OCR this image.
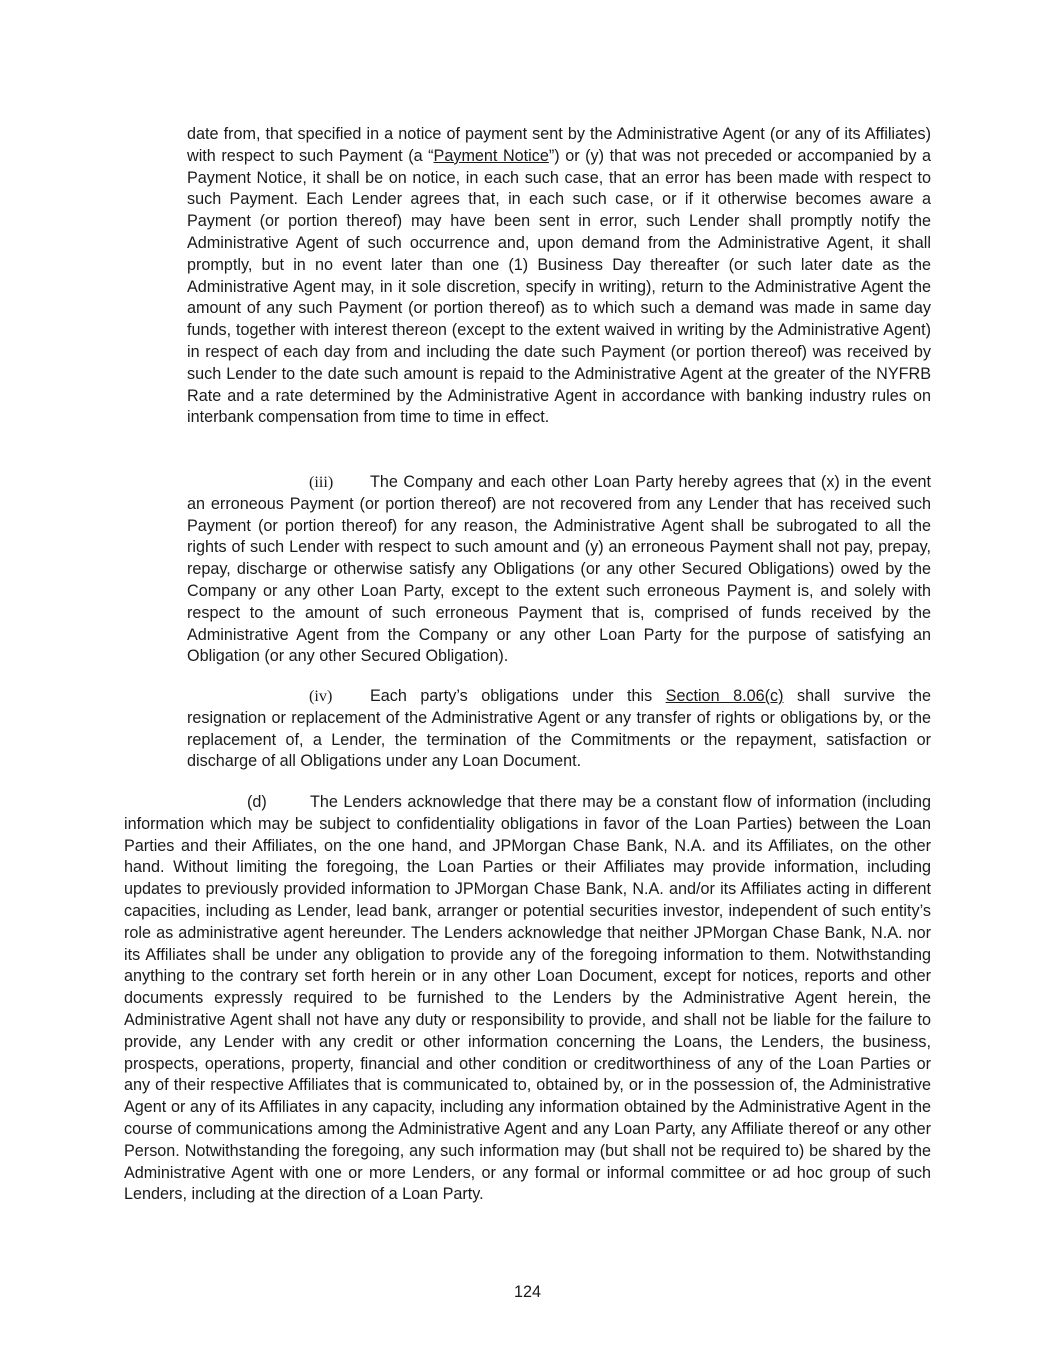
date from, that specified in a notice of payment sent by the Administrative Agent (or any of its Affiliates) with respect to such Payment (a “Payment Notice”) or (y) that was not preceded or accompanied by a Payment Notice, it shall be on notice, in each such case, that an error has been made with respect to such Payment. Each Lender agrees that, in each such case, or if it otherwise becomes aware a Payment (or portion thereof) may have been sent in error, such Lender shall promptly notify the Administrative Agent of such occurrence and, upon demand from the Administrative Agent, it shall promptly, but in no event later than one (1) Business Day thereafter (or such later date as the Administrative Agent may, in it sole discretion, specify in writing), return to the Administrative Agent the amount of any such Payment (or portion thereof) as to which such a demand was made in same day funds, together with interest thereon (except to the extent waived in writing by the Administrative Agent) in respect of each day from and including the date such Payment (or portion thereof) was received by such Lender to the date such amount is repaid to the Administrative Agent at the greater of the NYFRB Rate and a rate determined by the Administrative Agent in accordance with banking industry rules on interbank compensation from time to time in effect.

(iii) The Company and each other Loan Party hereby agrees that (x) in the event an erroneous Payment (or portion thereof) are not recovered from any Lender that has received such Payment (or portion thereof) for any reason, the Administrative Agent shall be subrogated to all the rights of such Lender with respect to such amount and (y) an erroneous Payment shall not pay, prepay, repay, discharge or otherwise satisfy any Obligations (or any other Secured Obligations) owed by the Company or any other Loan Party, except to the extent such erroneous Payment is, and solely with respect to the amount of such erroneous Payment that is, comprised of funds received by the Administrative Agent from the Company or any other Loan Party for the purpose of satisfying an Obligation (or any other Secured Obligation).

(iv) Each party’s obligations under this Section 8.06(c) shall survive the resignation or replacement of the Administrative Agent or any transfer of rights or obligations by, or the replacement of, a Lender, the termination of the Commitments or the repayment, satisfaction or discharge of all Obligations under any Loan Document.

(d)	The Lenders acknowledge that there may be a constant flow of information (including information which may be subject to confidentiality obligations in favor of the Loan Parties) between the Loan Parties and their Affiliates, on the one hand, and JPMorgan Chase Bank, N.A. and its Affiliates, on the other hand. Without limiting the foregoing, the Loan Parties or their Affiliates may provide information, including updates to previously provided information to JPMorgan Chase Bank, N.A. and/or its Affiliates acting in different capacities, including as Lender, lead bank, arranger or potential securities investor, independent of such entity’s role as administrative agent hereunder. The Lenders acknowledge that neither JPMorgan Chase Bank, N.A. nor its Affiliates shall be under any obligation to provide any of the foregoing information to them. Notwithstanding anything to the contrary set forth herein or in any other Loan Document, except for notices, reports and other documents expressly required to be furnished to the Lenders by the Administrative Agent herein, the Administrative Agent shall not have any duty or responsibility to provide, and shall not be liable for the failure to provide, any Lender with any credit or other information concerning the Loans, the Lenders, the business, prospects, operations, property, financial and other condition or creditworthiness of any of the Loan Parties or any of their respective Affiliates that is communicated to, obtained by, or in the possession of, the Administrative Agent or any of its Affiliates in any capacity, including any information obtained by the Administrative Agent in the course of communications among the Administrative Agent and any Loan Party, any Affiliate thereof or any other Person. Notwithstanding the foregoing, any such information may (but shall not be required to) be shared by the Administrative Agent with one or more Lenders, or any formal or informal committee or ad hoc group of such Lenders, including at the direction of a Loan Party.

124
